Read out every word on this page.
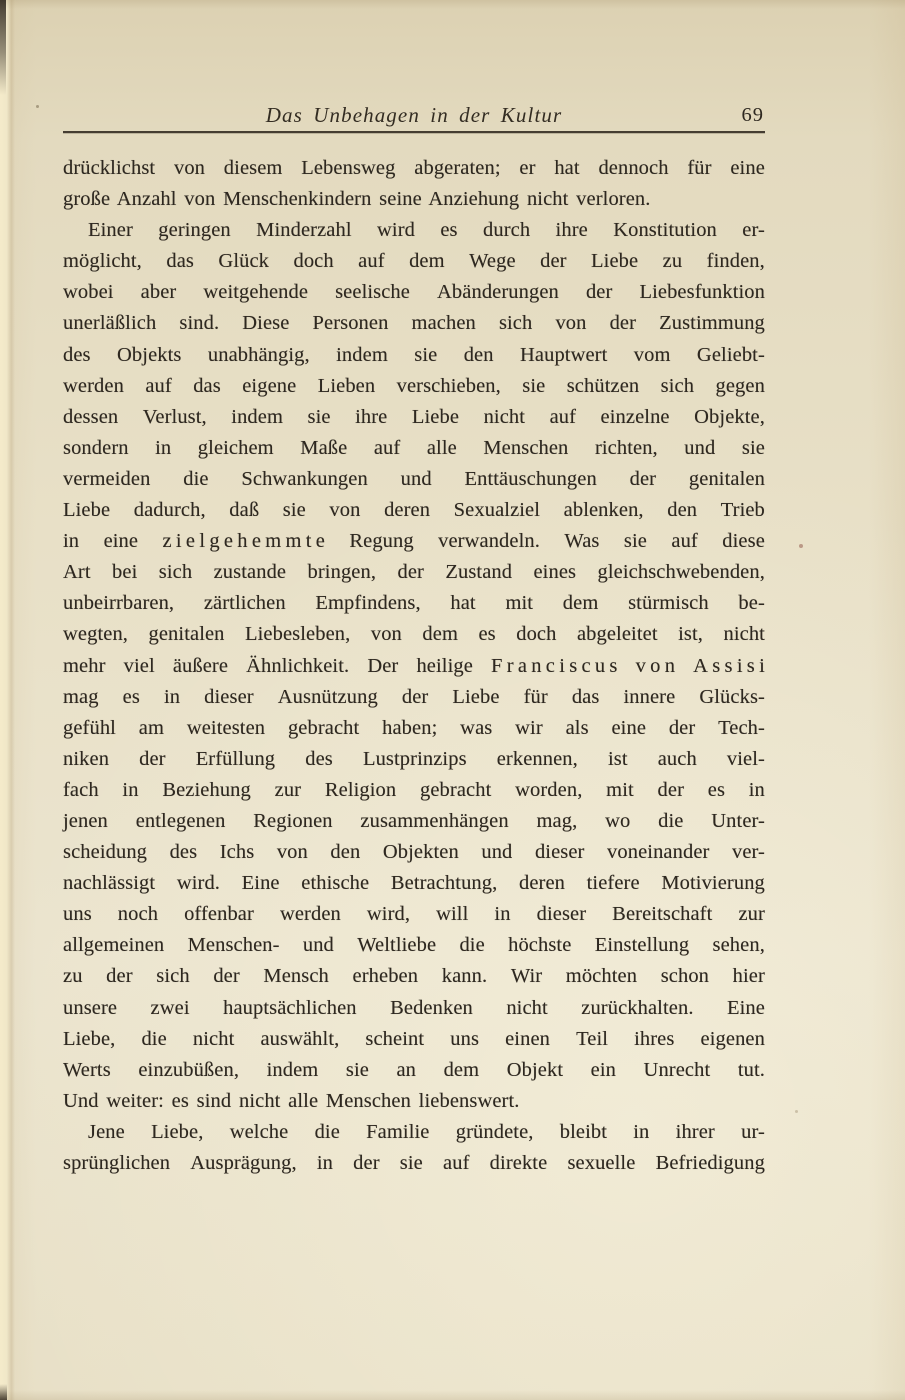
Das Unbehagen in der Kultur	69
drücklichst von diesem Lebensweg abgeraten; er hat dennoch für eine
große Anzahl von Menschenkindern seine Anziehung nicht verloren.
Einer geringen Minderzahl wird es durch ihre Konstitution er-
möglicht, das Glück doch auf dem Wege der Liebe zu finden,
wobei aber weitgehende seelische Abänderungen der Liebesfunktion
unerläßlich sind. Diese Personen machen sich von der Zustimmung
des Objekts unabhängig, indem sie den Hauptwert vom Geliebt-
werden auf das eigene Lieben verschieben, sie schützen sich gegen
dessen Verlust, indem sie ihre Liebe nicht auf einzelne Objekte,
sondern in gleichem Maße auf alle Menschen richten, und sie
vermeiden die Schwankungen und Enttäuschungen der genitalen
Liebe dadurch, daß sie von deren Sexualziel ablenken, den Trieb
in eine z i e l g e h e m m t e Regung verwandeln. Was sie auf diese
Art bei sich zustande bringen, der Zustand eines gleichschwebenden,
unbeirrbaren, zärtlichen Empfindens, hat mit dem stürmisch be-
wegten, genitalen Liebesleben, von dem es doch abgeleitet ist, nicht
mehr viel äußere Ähnlichkeit. Der heilige F r a n c i s c u s v o n A s s i s i
mag es in dieser Ausnützung der Liebe für das innere Glücks-
gefühl am weitesten gebracht haben; was wir als eine der Tech-
niken der Erfüllung des Lustprinzips erkennen, ist auch viel-
fach in Beziehung zur Religion gebracht worden, mit der es in
jenen entlegenen Regionen zusammenhängen mag, wo die Unter-
scheidung des Ichs von den Objekten und dieser voneinander ver-
nachlässigt wird. Eine ethische Betrachtung, deren tiefere Motivierung
uns noch offenbar werden wird, will in dieser Bereitschaft zur
allgemeinen Menschen- und Weltliebe die höchste Einstellung sehen,
zu der sich der Mensch erheben kann. Wir möchten schon hier
unsere zwei hauptsächlichen Bedenken nicht zurückhalten. Eine
Liebe, die nicht auswählt, scheint uns einen Teil ihres eigenen
Werts einzubüßen, indem sie an dem Objekt ein Unrecht tut.
Und weiter: es sind nicht alle Menschen liebenswert.
Jene Liebe, welche die Familie gründete, bleibt in ihrer ur-
sprünglichen Ausprägung, in der sie auf direkte sexuelle Befriedigung
